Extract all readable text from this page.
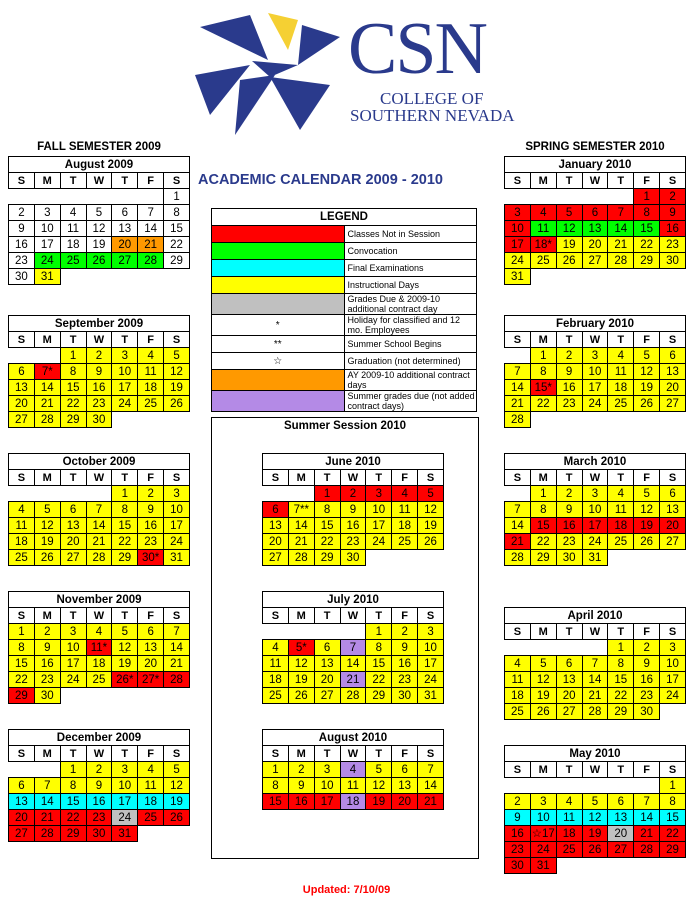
CSN
COLLEGE OF
SOUTHERN NEVADA
FALL SEMESTER 2009	SPRING SEMESTER 2010
ACADEMIC CALENDAR 2009 - 2010
LEGEND	
	Classes Not in Session
	Convocation
	Final Examinations
	Instructional Days
	Grades Due & 2009-10 additional contract day
*	Holiday for classified and 12 mo. Employees
**	Summer School Begins
☆	Graduation (not determined)
	AY 2009-10 additional contract days
	Summer grades due (not added contract days)
Summer Session 2010
August 2009						
S	M	T	W	T	F	S
						1
2	3	4	5	6	7	8
9	10	11	12	13	14	15
16	17	18	19	20	21	22
23	24	25	26	27	28	29
30	31					
September 2009						
S	M	T	W	T	F	S
		1	2	3	4	5
6	7*	8	9	10	11	12
13	14	15	16	17	18	19
20	21	22	23	24	25	26
27	28	29	30			
October 2009						
S	M	T	W	T	F	S
				1	2	3
4	5	6	7	8	9	10
11	12	13	14	15	16	17
18	19	20	21	22	23	24
25	26	27	28	29	30*	31
November 2009						
S	M	T	W	T	F	S
1	2	3	4	5	6	7
8	9	10	11*	12	13	14
15	16	17	18	19	20	21
22	23	24	25	26*	27*	28
29	30					
December 2009						
S	M	T	W	T	F	S
		1	2	3	4	5
6	7	8	9	10	11	12
13	14	15	16	17	18	19
20	21	22	23	24	25	26
27	28	29	30	31		
January 2010						
S	M	T	W	T	F	S
					1	2
3	4	5	6	7	8	9
10	11	12	13	14	15	16
17	18*	19	20	21	22	23
24	25	26	27	28	29	30
31						
February 2010						
S	M	T	W	T	F	S
	1	2	3	4	5	6
7	8	9	10	11	12	13
14	15*	16	17	18	19	20
21	22	23	24	25	26	27
28						
March 2010						
S	M	T	W	T	F	S
	1	2	3	4	5	6
7	8	9	10	11	12	13
14	15	16	17	18	19	20
21	22	23	24	25	26	27
28	29	30	31			
April 2010						
S	M	T	W	T	F	S
				1	2	3
4	5	6	7	8	9	10
11	12	13	14	15	16	17
18	19	20	21	22	23	24
25	26	27	28	29	30	
May 2010						
S	M	T	W	T	F	S
						1
2	3	4	5	6	7	8
9	10	11	12	13	14	15
16	☆17	18	19	20	21	22
23	24	25	26	27	28	29
30	31					
June 2010						
S	M	T	W	T	F	S
		1	2	3	4	5
6	7**	8	9	10	11	12
13	14	15	16	17	18	19
20	21	22	23	24	25	26
27	28	29	30			
July 2010						
S	M	T	W	T	F	S
				1	2	3
4	5*	6	7	8	9	10
11	12	13	14	15	16	17
18	19	20	21	22	23	24
25	26	27	28	29	30	31
August 2010						
S	M	T	W	T	F	S
1	2	3	4	5	6	7
8	9	10	11	12	13	14
15	16	17	18	19	20	21
Updated: 7/10/09
